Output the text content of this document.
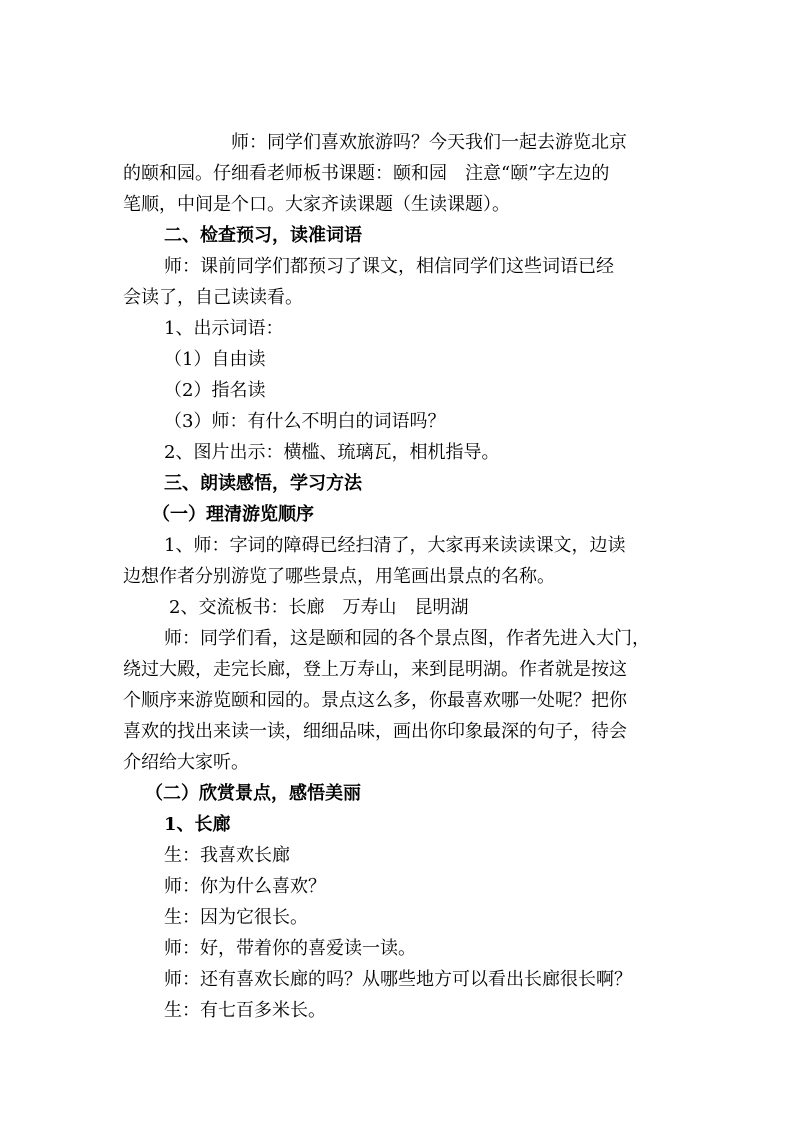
师：同学们喜欢旅游吗？今天我们一起去游览北京
的颐和园。仔细看老师板书课题：颐和园　注意“颐”字左边的
笔顺，中间是个口。大家齐读课题（生读课题）。
二、检查预习，读准词语
师：课前同学们都预习了课文，相信同学们这些词语已经
会读了，自己读读看。
1、出示词语：
（1）自由读
（2）指名读
（3）师：有什么不明白的词语吗？
2、图片出示：横槛、琉璃瓦，相机指导。
三、朗读感悟，学习方法
（一）理清游览顺序
1、师：字词的障碍已经扫清了，大家再来读读课文，边读
边想作者分别游览了哪些景点，用笔画出景点的名称。
2、交流板书：长廊　万寿山　昆明湖
师：同学们看，这是颐和园的各个景点图，作者先进入大门，
绕过大殿，走完长廊，登上万寿山，来到昆明湖。作者就是按这
个顺序来游览颐和园的。景点这么多，你最喜欢哪一处呢？把你
喜欢的找出来读一读，细细品味，画出你印象最深的句子，待会
介绍给大家听。
（二）欣赏景点，感悟美丽
1、长廊
生：我喜欢长廊
师：你为什么喜欢？
生：因为它很长。
师：好，带着你的喜爱读一读。
师：还有喜欢长廊的吗？从哪些地方可以看出长廊很长啊？
生：有七百多米长。
